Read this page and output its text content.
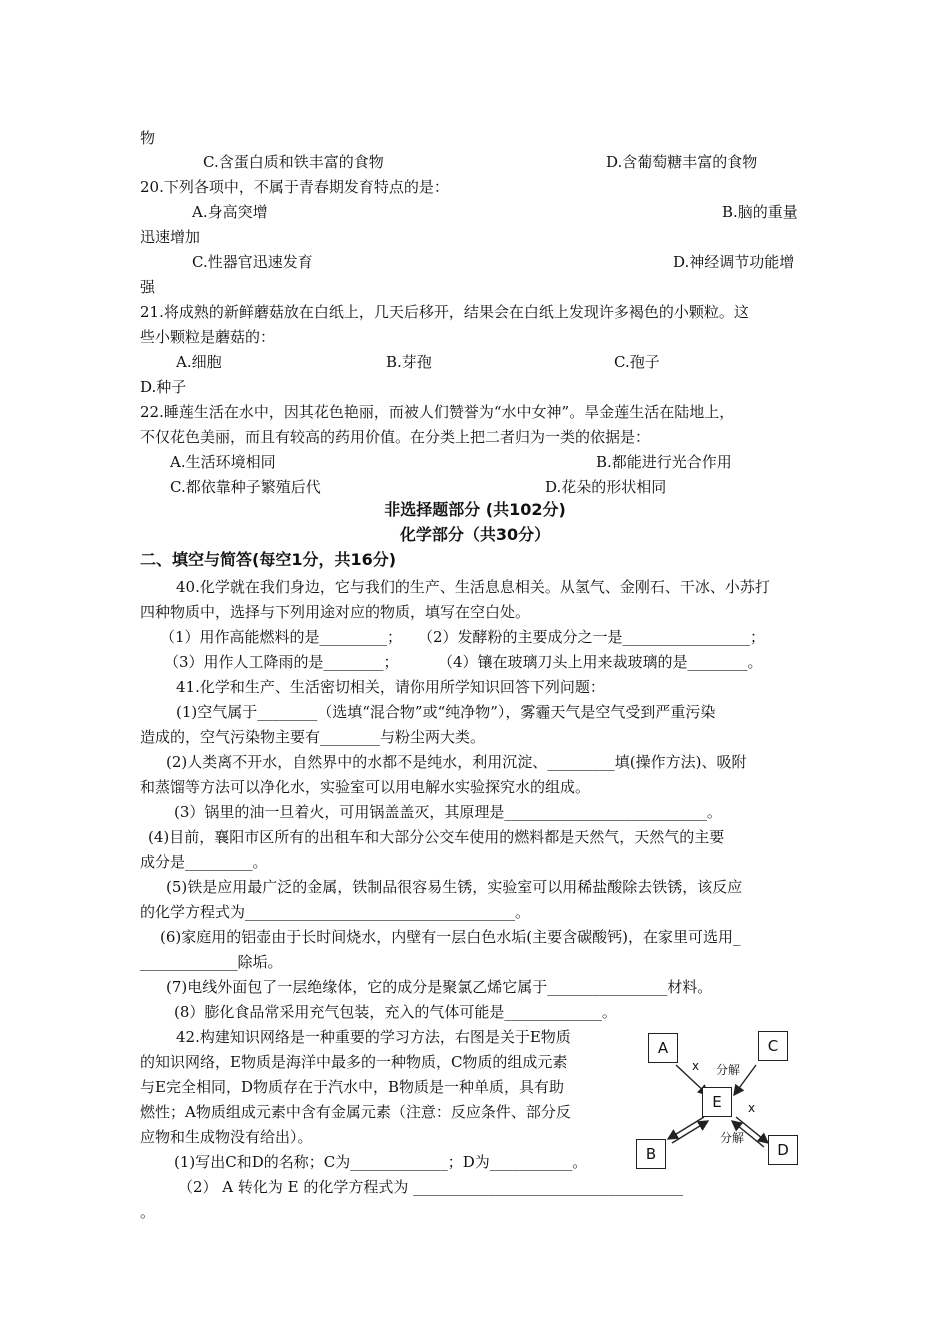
物
C.含蛋白质和铁丰富的食物	D.含葡萄糖丰富的食物
20.下列各项中，不属于青春期发育特点的是：
A.身高突增	B.脑的重量
迅速增加
C.性器官迅速发育	D.神经调节功能增
强
21.将成熟的新鲜蘑菇放在白纸上，几天后移开，结果会在白纸上发现许多褐色的小颗粒。这
些小颗粒是蘑菇的：
A.细胞	B.芽孢	C.孢子
D.种子
22.睡莲生活在水中，因其花色艳丽，而被人们赞誉为“水中女神”。旱金莲生活在陆地上，
不仅花色美丽，而且有较高的药用价值。在分类上把二者归为一类的依据是：
A.生活环境相同	B.都能进行光合作用
C.都依靠种子繁殖后代	D.花朵的形状相同
非选择题部分 (共102分)
化学部分（共30分）
二、填空与简答(每空1分，共16分)
40.化学就在我们身边，它与我们的生产、生活息息相关。从氢气、金刚石、干冰、小苏打
四种物质中，选择与下列用途对应的物质，填写在空白处。
（1）用作高能燃料的是_________； （2）发酵粉的主要成分之一是_________________；
（3）用作人工降雨的是________；	（4）镶在玻璃刀头上用来裁玻璃的是________。
41.化学和生产、生活密切相关，请你用所学知识回答下列问题：
(1)空气属于________（选填“混合物”或“纯净物”），雾霾天气是空气受到严重污染
造成的，空气污染物主要有________与粉尘两大类。
(2)人类离不开水，自然界中的水都不是纯水，利用沉淀、_________填(操作方法)、吸附
和蒸馏等方法可以净化水，实验室可以用电解水实验探究水的组成。
(3）锅里的油一旦着火，可用锅盖盖灭，其原理是___________________________。
(4)目前，襄阳市区所有的出租车和大部分公交车使用的燃料都是天然气，天然气的主要
成分是_________。
(5)铁是应用最广泛的金属，铁制品很容易生锈，实验室可以用稀盐酸除去铁锈，该反应
的化学方程式为____________________________________。
(6)家庭用的铝壶由于长时间烧水，内壁有一层白色水垢(主要含碳酸钙)，在家里可选用_
_____________除垢。
(7)电线外面包了一层绝缘体，它的成分是聚氯乙烯它属于________________材料。
(8）膨化食品常采用充气包装，充入的气体可能是_____________。
42.构建知识网络是一种重要的学习方法，右图是关于E物质
的知识网络，E物质是海洋中最多的一种物质，C物质的组成元素
与E完全相同，D物质存在于汽水中，B物质是一种单质，具有助
燃性；A物质组成元素中含有金属元素（注意：反应条件、部分反
应物和生成物没有给出）。
(1)写出C和D的名称；C为_____________；D为___________。
（2） A 转化为 E 的化学方程式为 ____________________________________
。
A	C
E
B	D
x 分解
x
分解
